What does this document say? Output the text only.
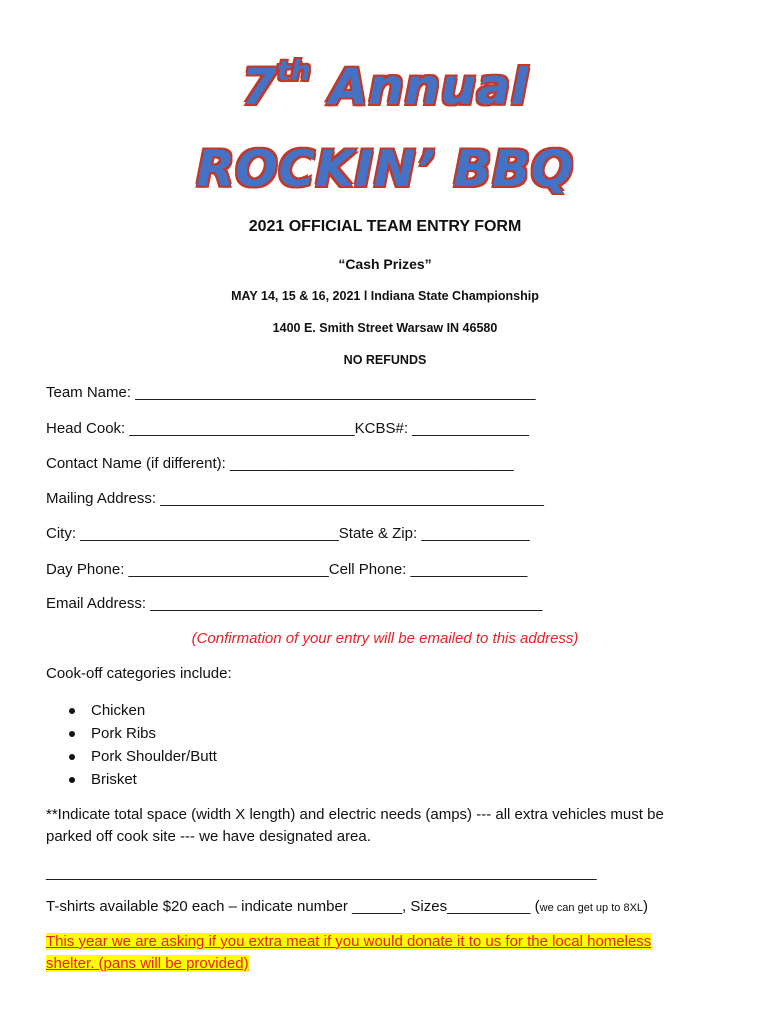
7th Annual
ROCKIN’ BBQ
2021 OFFICIAL TEAM ENTRY FORM
“Cash Prizes”
MAY 14, 15 & 16, 2021 l Indiana State Championship
1400 E. Smith Street Warsaw IN 46580
NO REFUNDS
Team Name: ________________________________________________
Head Cook: ___________________________KCBS#: ______________
Contact Name (if different): __________________________________
Mailing Address: ______________________________________________
City: _______________________________State & Zip: _____________
Day Phone: ________________________Cell Phone: ______________
Email Address: _______________________________________________
(Confirmation of your entry will be emailed to this address)
Cook-off categories include:
Chicken
Pork Ribs
Pork Shoulder/Butt
Brisket
**Indicate total space (width X length) and electric needs (amps) --- all extra vehicles must be
parked off cook site --- we have designated area.
__________________________________________________________________
T-shirts available $20 each – indicate number ______, Sizes__________ (we can get up to 8XL)
This year we are asking if you extra meat if you would donate it to us for the local homeless
shelter. (pans will be provided)
